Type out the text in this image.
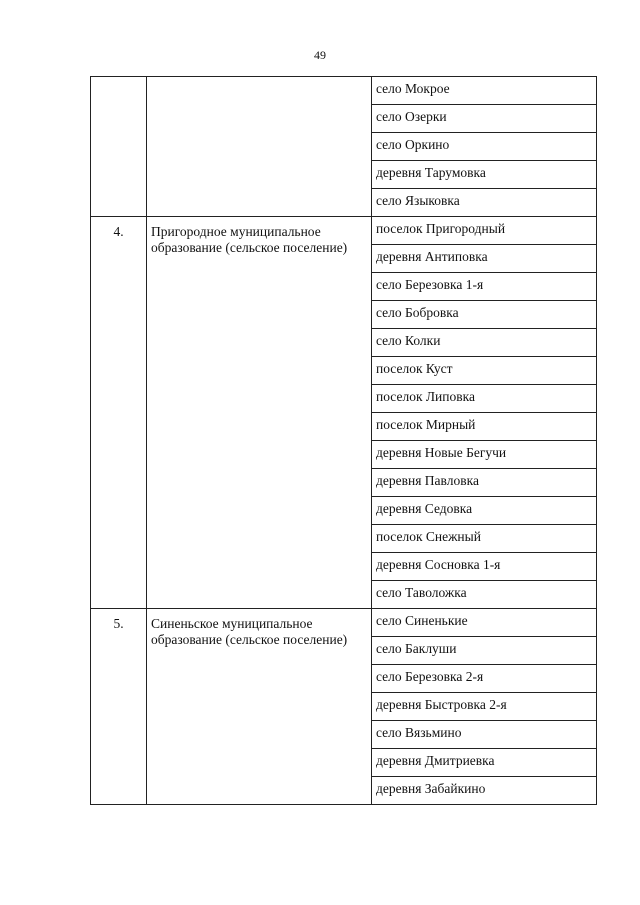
49
		село Мокрое
		село Озерки
		село Оркино
		деревня Тарумовка
		село Языковка
4.	Пригородное муниципальное образование (сельское поселение)	поселок Пригородный
		деревня Антиповка
		село Березовка 1-я
		село Бобровка
		село Колки
		поселок Куст
		поселок Липовка
		поселок Мирный
		деревня Новые Бегучи
		деревня Павловка
		деревня Седовка
		поселок Снежный
		деревня Сосновка 1-я
		село Таволожка
5.	Синеньское муниципальное образование (сельское поселение)	село Синенькие
		село Баклуши
		село Березовка 2-я
		деревня Быстровка 2-я
		село Вязьмино
		деревня Дмитриевка
		деревня Забайкино
